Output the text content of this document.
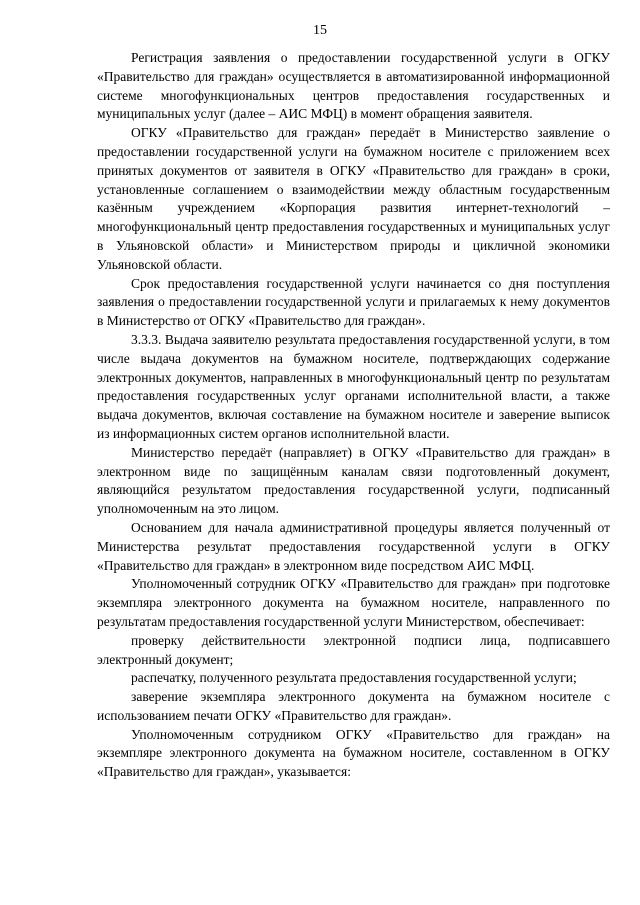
15

Регистрация заявления о предоставлении государственной услуги в ОГКУ «Правительство для граждан» осуществляется в автоматизированной информационной системе многофункциональных центров предоставления государственных и муниципальных услуг (далее – АИС МФЦ) в момент обращения заявителя.

ОГКУ «Правительство для граждан» передаёт в Министерство заявление о предоставлении государственной услуги на бумажном носителе с приложением всех принятых документов от заявителя в ОГКУ «Правительство для граждан» в сроки, установленные соглашением о взаимодействии между областным государственным казённым учреждением «Корпорация развития интернет-технологий – многофункциональный центр предоставления государственных и муниципальных услуг в Ульяновской области» и Министерством природы и цикличной экономики Ульяновской области.

Срок предоставления государственной услуги начинается со дня поступления заявления о предоставлении государственной услуги и прилагаемых к нему документов в Министерство от ОГКУ «Правительство для граждан».

3.3.3. Выдача заявителю результата предоставления государственной услуги, в том числе выдача документов на бумажном носителе, подтверждающих содержание электронных документов, направленных в многофункциональный центр по результатам предоставления государственных услуг органами исполнительной власти, а также выдача документов, включая составление на бумажном носителе и заверение выписок из информационных систем органов исполнительной власти.

Министерство передаёт (направляет) в ОГКУ «Правительство для граждан» в электронном виде по защищённым каналам связи подготовленный документ, являющийся результатом предоставления государственной услуги, подписанный уполномоченным на это лицом.

Основанием для начала административной процедуры является полученный от Министерства результат предоставления государственной услуги в ОГКУ «Правительство для граждан» в электронном виде посредством АИС МФЦ.

Уполномоченный сотрудник ОГКУ «Правительство для граждан» при подготовке экземпляра электронного документа на бумажном носителе, направленного по результатам предоставления государственной услуги Министерством, обеспечивает:

проверку действительности электронной подписи лица, подписавшего электронный документ;

распечатку, полученного результата предоставления государственной услуги;

заверение экземпляра электронного документа на бумажном носителе с использованием печати ОГКУ «Правительство для граждан».

Уполномоченным сотрудником ОГКУ «Правительство для граждан» на экземпляре электронного документа на бумажном носителе, составленном в ОГКУ «Правительство для граждан», указывается:
